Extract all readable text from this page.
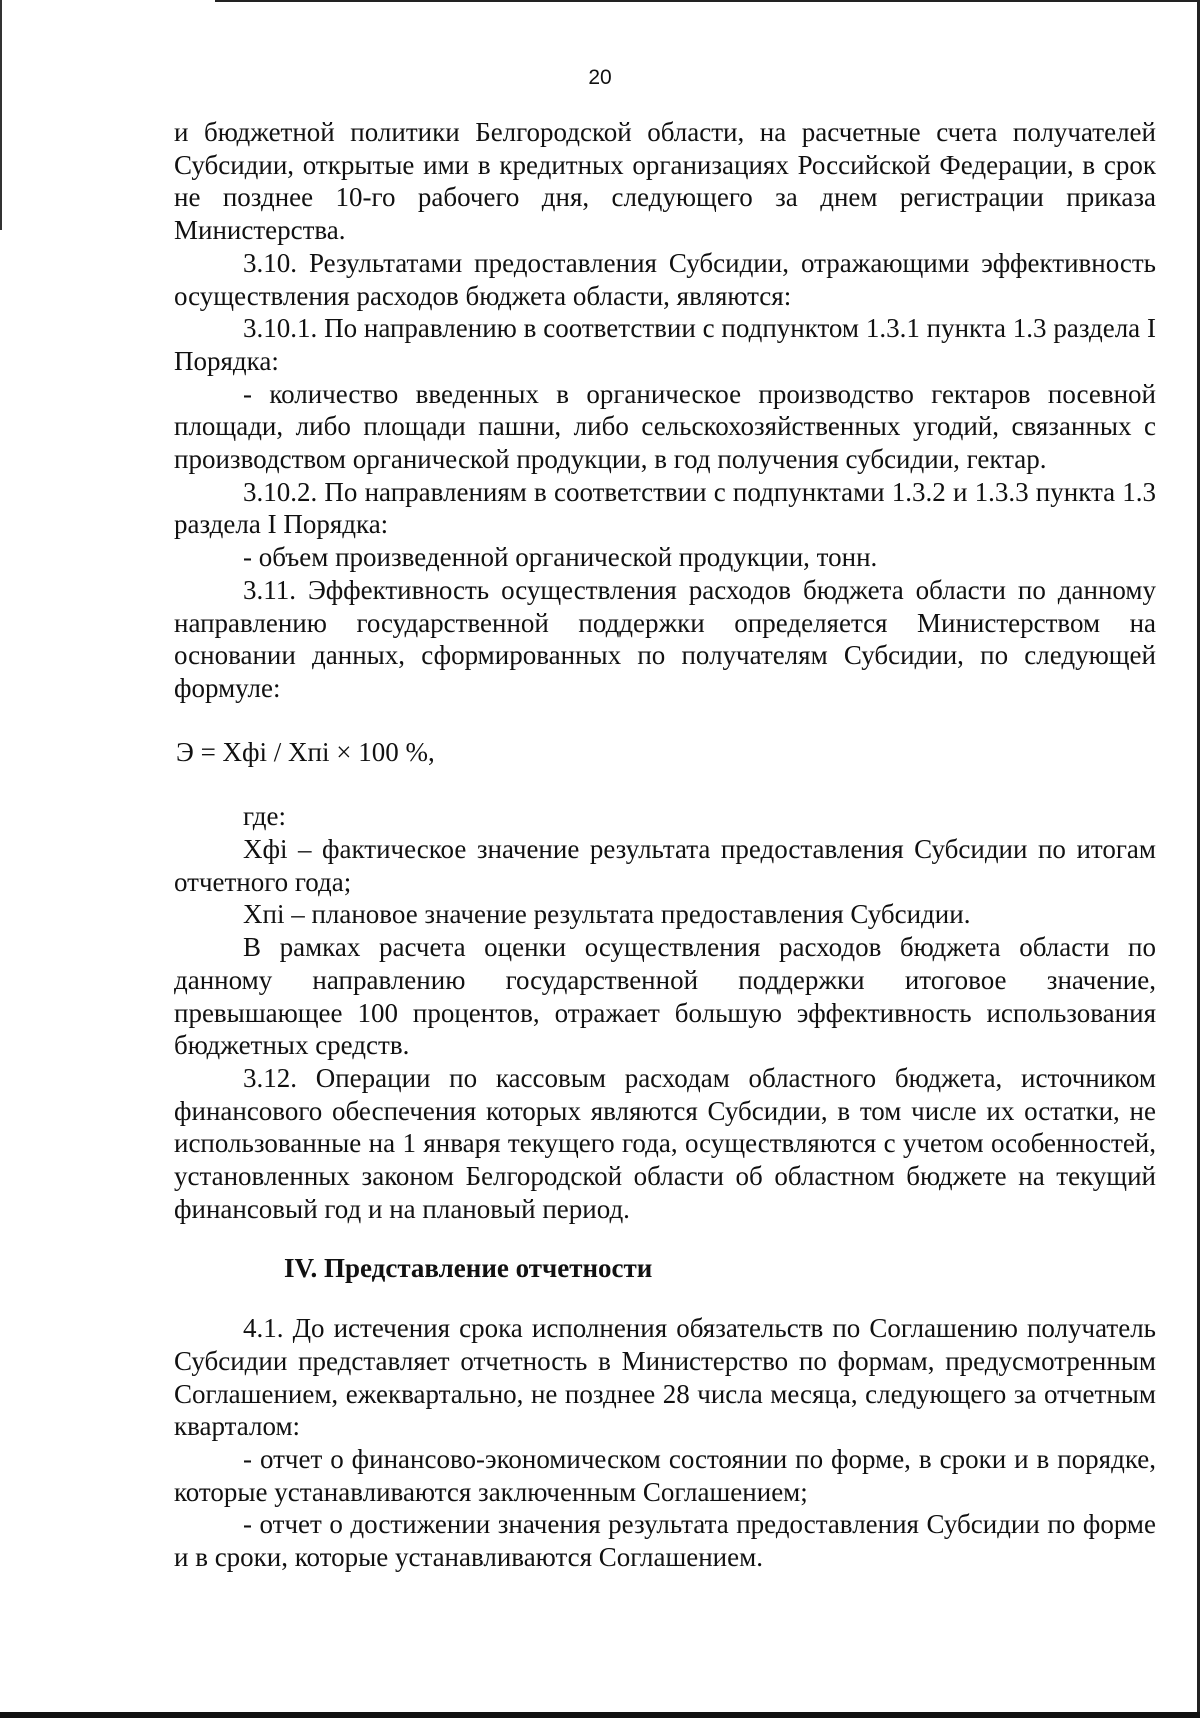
20

и бюджетной политики Белгородской области, на расчетные счета получателей Субсидии, открытые ими в кредитных организациях Российской Федерации, в срок не позднее 10-го рабочего дня, следующего за днем регистрации приказа Министерства.

3.10. Результатами предоставления Субсидии, отражающими эффективность осуществления расходов бюджета области, являются:

3.10.1. По направлению в соответствии с подпунктом 1.3.1 пункта 1.3 раздела I Порядка:

- количество введенных в органическое производство гектаров посевной площади, либо площади пашни, либо сельскохозяйственных угодий, связанных с производством органической продукции, в год получения субсидии, гектар.

3.10.2. По направлениям в соответствии с подпунктами 1.3.2 и 1.3.3 пункта 1.3 раздела I Порядка:

- объем произведенной органической продукции, тонн.

3.11. Эффективность осуществления расходов бюджета области по данному направлению государственной поддержки определяется Министерством на основании данных, сформированных по получателям Субсидии, по следующей формуле:

Э = Хфi / Хпi × 100 %,

где:

Хфi – фактическое значение результата предоставления Субсидии по итогам отчетного года;

Хпi – плановое значение результата предоставления Субсидии.

В рамках расчета оценки осуществления расходов бюджета области по данному направлению государственной поддержки итоговое значение, превышающее 100 процентов, отражает большую эффективность использования бюджетных средств.

3.12. Операции по кассовым расходам областного бюджета, источником финансового обеспечения которых являются Субсидии, в том числе их остатки, не использованные на 1 января текущего года, осуществляются с учетом особенностей, установленных законом Белгородской области об областном бюджете на текущий финансовый год и на плановый период.

IV. Представление отчетности

4.1. До истечения срока исполнения обязательств по Соглашению получатель Субсидии представляет отчетность в Министерство по формам, предусмотренным Соглашением, ежеквартально, не позднее 28 числа месяца, следующего за отчетным кварталом:

- отчет о финансово-экономическом состоянии по форме, в сроки и в порядке, которые устанавливаются заключенным Соглашением;

- отчет о достижении значения результата предоставления Субсидии по форме и в сроки, которые устанавливаются Соглашением.
